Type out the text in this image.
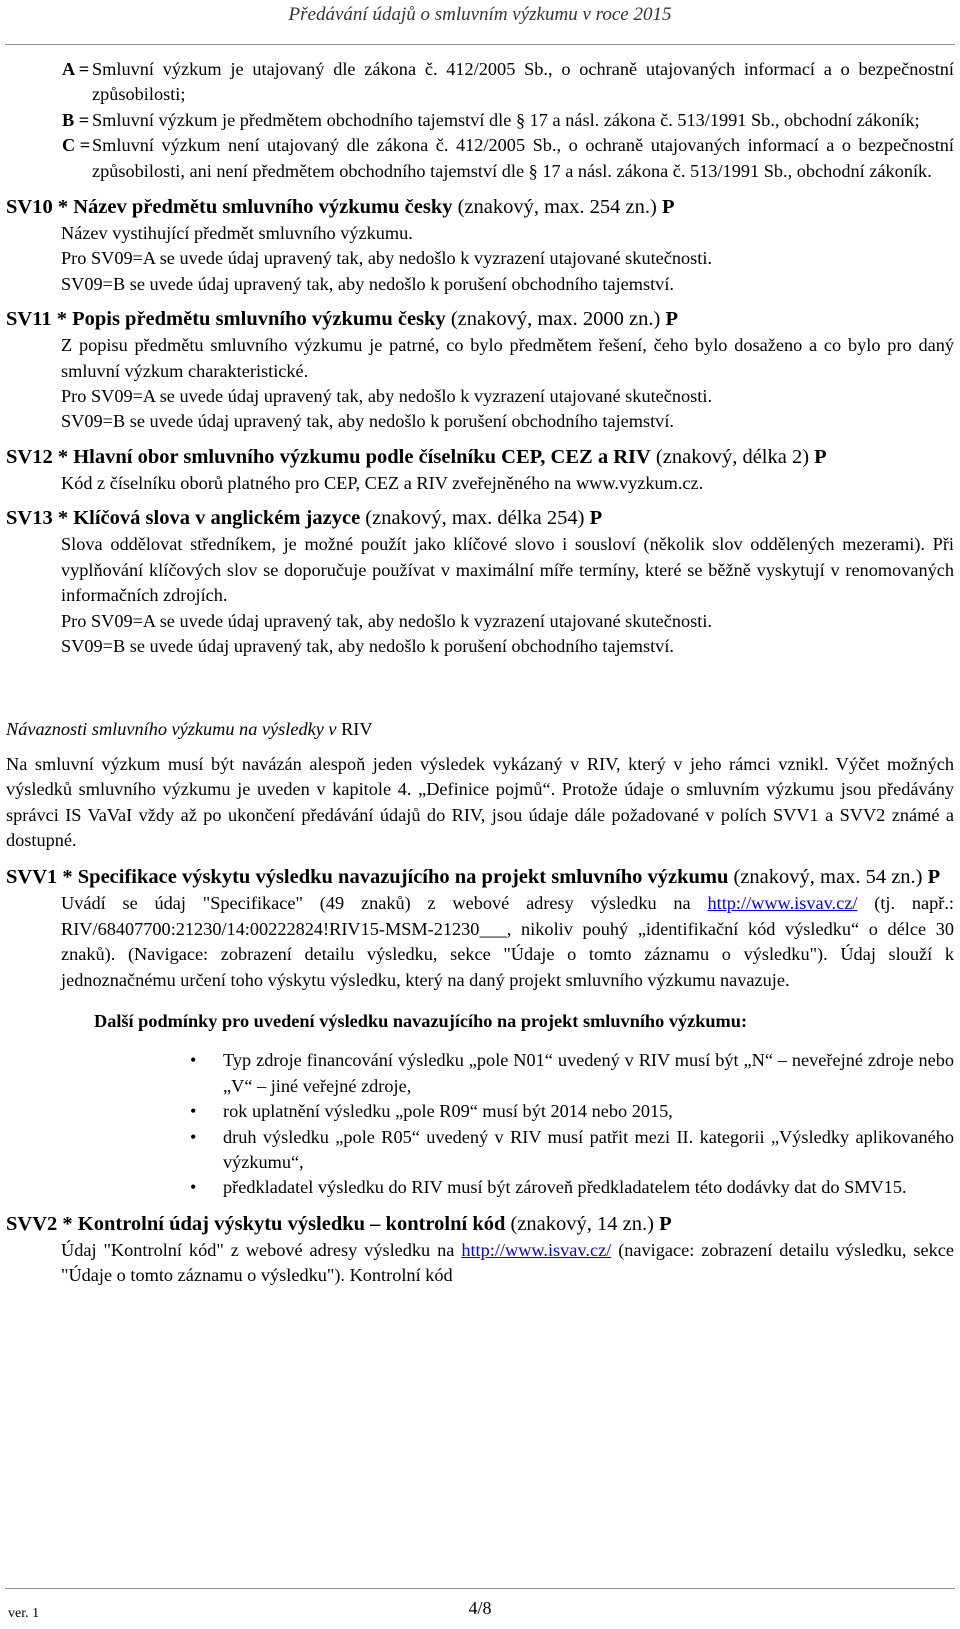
Předávání údajů o smluvním výzkumu v roce 2015
A = Smluvní výzkum je utajovaný dle zákona č. 412/2005 Sb., o ochraně utajovaných informací a o bezpečnostní způsobilosti;
B = Smluvní výzkum je předmětem obchodního tajemství dle § 17 a násl. zákona č. 513/1991 Sb., obchodní zákoník;
C = Smluvní výzkum není utajovaný dle zákona č. 412/2005 Sb., o ochraně utajovaných informací a o bezpečnostní způsobilosti, ani není předmětem obchodního tajemství dle § 17 a násl. zákona č. 513/1991 Sb., obchodní zákoník.
SV10 * Název předmětu smluvního výzkumu česky (znakový, max. 254 zn.) P

Název vystihující předmět smluvního výzkumu.

Pro SV09=A se uvede údaj upravený tak, aby nedošlo k vyzrazení utajované skutečnosti.

SV09=B se uvede údaj upravený tak, aby nedošlo k porušení obchodního tajemství.

SV11 * Popis předmětu smluvního výzkumu česky (znakový, max. 2000 zn.) P

Z popisu předmětu smluvního výzkumu je patrné, co bylo předmětem řešení, čeho bylo dosaženo a co bylo pro daný smluvní výzkum charakteristické.

Pro SV09=A se uvede údaj upravený tak, aby nedošlo k vyzrazení utajované skutečnosti.

SV09=B se uvede údaj upravený tak, aby nedošlo k porušení obchodního tajemství.

SV12 * Hlavní obor smluvního výzkumu podle číselníku CEP, CEZ a RIV (znakový, délka 2) P

Kód z číselníku oborů platného pro CEP, CEZ a RIV zveřejněného na www.vyzkum.cz.

SV13 * Klíčová slova v anglickém jazyce (znakový, max. délka 254) P

Slova oddělovat středníkem, je možné použít jako klíčové slovo i sousloví (několik slov oddělených mezerami). Při vyplňování klíčových slov se doporučuje používat v maximální míře termíny, které se běžně vyskytují v renomovaných informačních zdrojích.

Pro SV09=A se uvede údaj upravený tak, aby nedošlo k vyzrazení utajované skutečnosti.

SV09=B se uvede údaj upravený tak, aby nedošlo k porušení obchodního tajemství.

Návaznosti smluvního výzkumu na výsledky v RIV
Na smluvní výzkum musí být navázán alespoň jeden výsledek vykázaný v RIV, který v jeho rámci vznikl. Výčet možných výsledků smluvního výzkumu je uveden v kapitole 4. „Definice pojmů“. Protože údaje o smluvním výzkumu jsou předávány správci IS VaVaI vždy až po ukončení předávání údajů do RIV, jsou údaje dále požadované v polích SVV1 a SVV2 známé a dostupné.
SVV1 * Specifikace výskytu výsledku navazujícího na projekt smluvního výzkumu (znakový, max. 54 zn.) P

Uvádí se údaj "Specifikace" (49 znaků) z webové adresy výsledku na http://www.isvav.cz/ (tj. např.: RIV/68407700:21230/14:00222824!RIV15-MSM-21230___, nikoliv pouhý „identifikační kód výsledku“ o délce 30 znaků). (Navigace: zobrazení detailu výsledku, sekce "Údaje o tomto záznamu o výsledku"). Údaj slouží k jednoznačnému určení toho výskytu výsledku, který na daný projekt smluvního výzkumu navazuje.

Další podmínky pro uvedení výsledku navazujícího na projekt smluvního výzkumu:
• Typ zdroje financování výsledku „pole N01“ uvedený v RIV musí být „N“ – neveřejné zdroje nebo „V“ – jiné veřejné zdroje,
• rok uplatnění výsledku „pole R09“ musí být 2014 nebo 2015,
• druh výsledku „pole R05“ uvedený v RIV musí patřit mezi II. kategorii „Výsledky aplikovaného výzkumu“,
• předkladatel výsledku do RIV musí být zároveň předkladatelem této dodávky dat do SMV15.
SVV2 * Kontrolní údaj výskytu výsledku – kontrolní kód (znakový, 14 zn.) P

Údaj "Kontrolní kód" z webové adresy výsledku na http://www.isvav.cz/ (navigace: zobrazení detailu výsledku, sekce "Údaje o tomto záznamu o výsledku"). Kontrolní kód

ver. 1	4/8
